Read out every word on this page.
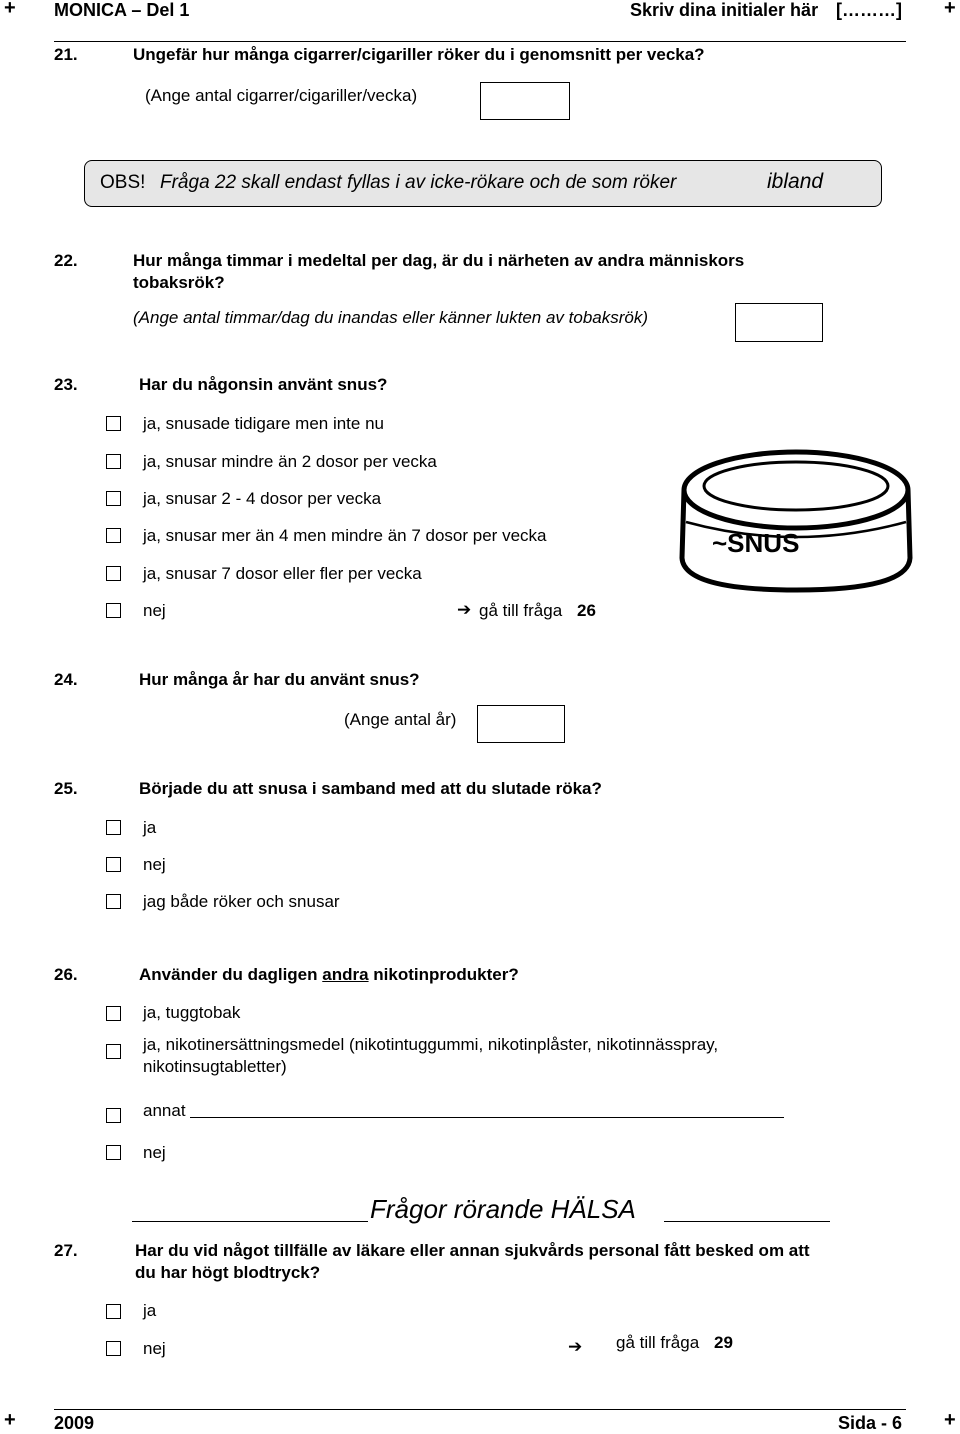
+ MONICA – Del 1	Skriv dina initialer här [………] +
21.	Ungefär hur många cigarrer/cigariller röker du i genomsnitt per vecka?
(Ange antal cigarrer/cigariller/vecka)
OBS! Fråga 22 skall endast fyllas i av icke-rökare och de som röker	ibland
22.	Hur många timmar i medeltal per dag, är du i närheten av andra människors
tobaksrök?
(Ange antal timmar/dag du inandas eller känner lukten av tobaksrök)
23.	Har du någonsin använt snus?
ja, snusade tidigare men inte nu
ja, snusar mindre än 2 dosor per vecka
ja, snusar 2 - 4 dosor per vecka
ja, snusar mer än 4 men mindre än 7 dosor per vecka
ja, snusar 7 dosor eller fler per vecka
nej	➔ gå till fråga 26
~SNUS
24.	Hur många år har du använt snus?
(Ange antal år)
25.	Började du att snusa i samband med att du slutade röka?
ja
nej
jag både röker och snusar
26.	Använder du dagligen andra nikotinprodukter?
ja, tuggtobak
ja, nikotinersättningsmedel (nikotintuggummi, nikotinplåster, nikotinnässpray,
nikotinsugtabletter)
annat
nej
Frågor rörande HÄLSA
27.	Har du vid något tillfälle av läkare eller annan sjukvårds personal fått besked om att
du har högt blodtryck?
ja
nej	➔ gå till fråga 29
+ 2009	Sida - 6 +
